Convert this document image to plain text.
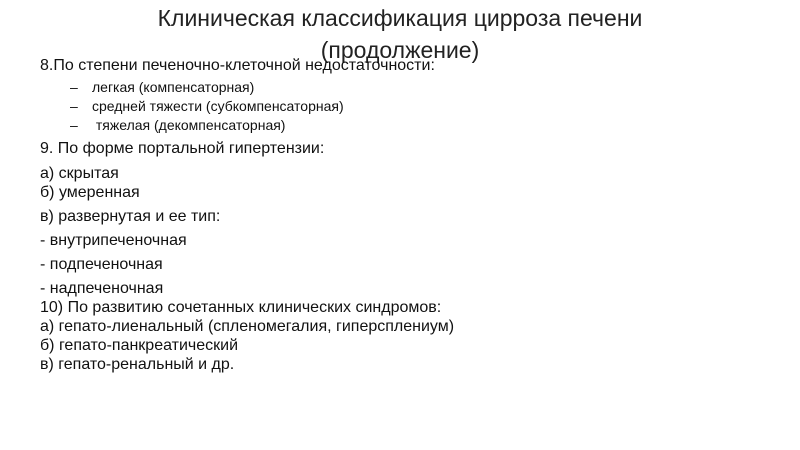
Клиническая классификация цирроза печени
(продолжение)

8.По степени печеночно-клеточной недостаточности:

– легкая (компенсаторная)
– средней тяжести (субкомпенсаторная)
– тяжелая (декомпенсаторная)

9. По форме портальной гипертензии:

а) скрытая

б) умеренная

в) развернутая и ее тип:

- внутрипеченочная

- подпеченочная

- надпеченочная

10) По развитию сочетанных клинических синдромов:

а) гепато-лиенальный (спленомегалия, гиперсплениум)

б) гепато-панкреатический

в) гепато-ренальный и др.
